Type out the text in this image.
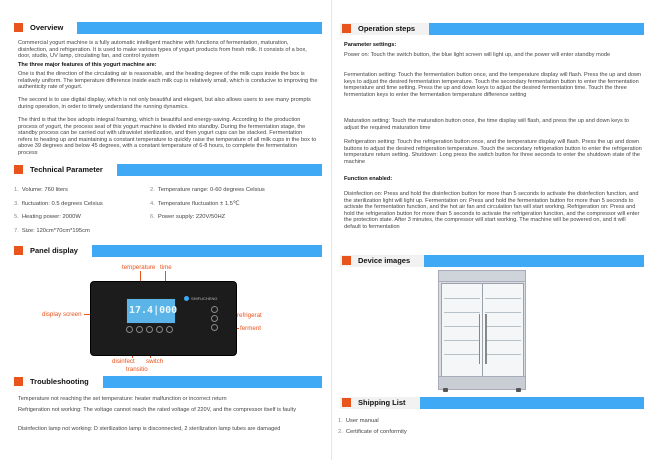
Overview
Commercial yogurt machine is a fully automatic intelligent machine with functions of fermentation, maturation, disinfection, and refrigeration. It is used to make various types of yogurt products from fresh milk. It consists of a box, door, studio, UV lamp, circulating fan, and control system
The three major features of this yogurt machine are:
One is that the direction of the circulating air is reasonable, and the heating degree of the milk cups inside the box is relatively uniform. The temperature difference inside each milk cup is relatively small, which is conducive to improving the authenticity rate of yogurt.
The second is to use digital display, which is not only beautiful and elegant, but also allows users to see many prompts during operation, in order to timely understand the running dynamics.
The third is that the box adopts integral foaming, which is beautiful and energy-saving. According to the production process of yogurt, the process seat of this yogurt machine is divided into standby. During the fermentation stage, the standby process can be carried out with ultraviolet sterilization, and then yogurt cups can be stacked. Fermentation refers to heating up and maintaining a constant temperature to quickly raise the temperature of all milk cups in the box to above 39 degrees and below 45 degrees, with a constant temperature of 6-8 hours, to complete the fermentation process
Technical Parameter
1. Volume: 760 liters	2. Temperature range: 0-60 degrees Celsius
3. fluctuation: 0.5 degrees Celsius	4. Temperature fluctuation ± 1.5℃
5. Heating power: 2000W	6. Power supply: 220V/50HZ
7. Size: 120cm*70cm*195cm
Panel display
temperature time
display screen	refrigerat
ferment
disinfect switch
transitio
17.4|000
SHIFUCHENG
Troubleshooting
Temperature not reaching the set temperature: heater malfunction or incorrect return
Refrigeration not working: The voltage cannot reach the rated voltage of 220V, and the compressor itself is faulty
Disinfection lamp not working: D sterilization lamp is disconnected, 2 sterilization lamp tubes are damaged
Operation steps
Parameter settings:
Power on: Touch the switch button, the blue light screen will light up, and the power will enter standby mode
Fermentation setting: Touch the fermentation button once, and the temperature display will flash. Press the up and down keys to adjust the desired fermentation temperature. Touch the secondary fermentation button to enter the fermentation temperature and time setting. Press the up and down keys to adjust the desired fermentation time. Touch the three fermentation keys to enter the fermentation temperature difference setting
Maturation setting: Touch the maturation button once, the time display will flash, and press the up and down keys to adjust the required maturation time
Refrigeration setting: Touch the refrigeration button once, and the temperature display will flash. Press the up and down buttons to adjust the desired refrigeration temperature. Touch the secondary refrigeration button to enter the refrigeration temperature return setting. Shutdown: Long press the switch button for three seconds to enter the shutdown state of the machine
Function enabled:
Disinfection on: Press and hold the disinfection button for more than 5 seconds to activate the disinfection function, and the sterilization light will light up. Fermentation on: Press and hold the fermentation button for more than 5 seconds to activate the fermentation function, and the hot air fan and circulation fan will start working. Refrigeration on: Press and hold the refrigeration button for more than 5 seconds to activate the refrigeration function, and the compressor will enter the protection state. After 3 minutes, the compressor will start working. The machine will be powered on, and it will default to fermentation
Device images
Shipping List
1. User manual
2. Certificate of conformity
